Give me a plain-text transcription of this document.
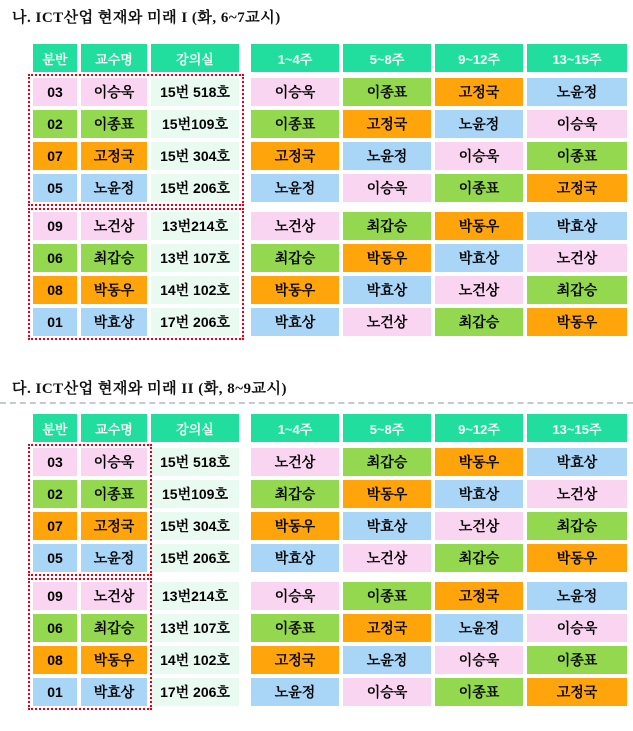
나. ICT산업 현재와 미래 I (화, 6~7교시)
분반	교수명	강의실	1~4주	5~8주	9~12주	13~15주
03	이승욱	15번 518호	이승욱	이종표	고정국	노윤정
02	이종표	15번109호	이종표	고정국	노윤정	이승욱
07	고정국	15번 304호	고정국	노윤정	이승욱	이종표
05	노윤정	15번 206호	노윤정	이승욱	이종표	고정국
09	노건상	13번214호	노건상	최갑승	박동우	박효상
06	최갑승	13번 107호	최갑승	박동우	박효상	노건상
08	박동우	14번 102호	박동우	박효상	노건상	최갑승
01	박효상	17번 206호	박효상	노건상	최갑승	박동우
다. ICT산업 현재와 미래 II (화, 8~9교시)
분반	교수명	강의실	1~4주	5~8주	9~12주	13~15주
03	이승욱	15번 518호	노건상	최갑승	박동우	박효상
02	이종표	15번109호	최갑승	박동우	박효상	노건상
07	고정국	15번 304호	박동우	박효상	노건상	최갑승
05	노윤정	15번 206호	박효상	노건상	최갑승	박동우
09	노건상	13번214호	이승욱	이종표	고정국	노윤정
06	최갑승	13번 107호	이종표	고정국	노윤정	이승욱
08	박동우	14번 102호	고정국	노윤정	이승욱	이종표
01	박효상	17번 206호	노윤정	이승욱	이종표	고정국
